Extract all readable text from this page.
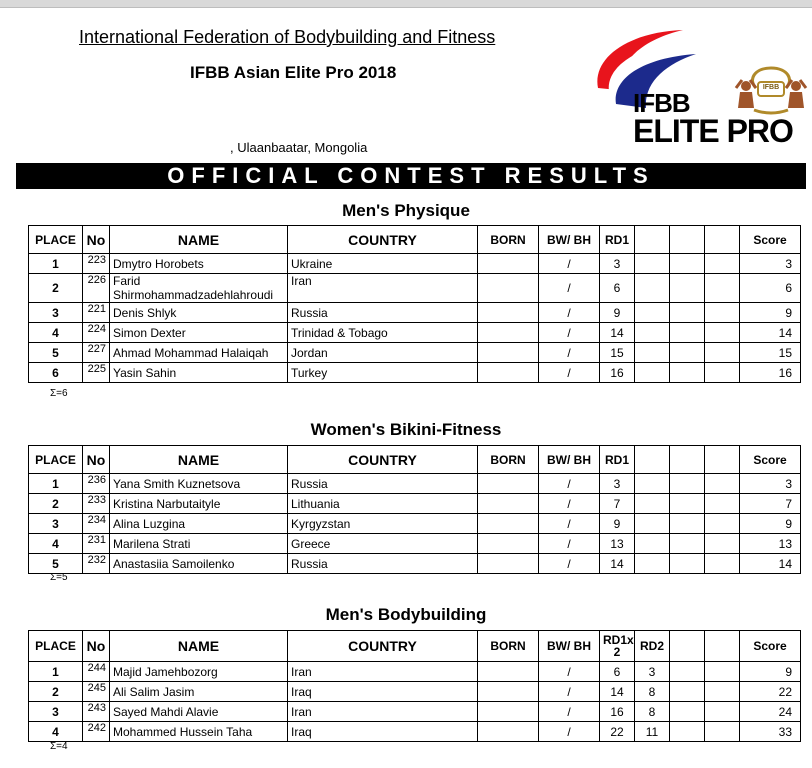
International Federation of Bodybuilding and Fitness
IFBB Asian Elite Pro 2018
, Ulaanbaatar, Mongolia
IFBB
IFBB
ELITE PRO
OFFICIAL CONTEST RESULTS
Men's Physique
PLACE	No	NAME	COUNTRY	BORN	BW/ BH	RD1				Score
1	223	Dmytro Horobets	Ukraine		/	3				3
2	226	Farid Shirmohammadzadehlahroudi	Iran		/	6				6
3	221	Denis Shlyk	Russia		/	9				9
4	224	Simon Dexter	Trinidad & Tobago		/	14				14
5	227	Ahmad Mohammad Halaiqah	Jordan		/	15				15
6	225	Yasin Sahin	Turkey		/	16				16
Σ=6
Women's Bikini-Fitness
PLACE	No	NAME	COUNTRY	BORN	BW/ BH	RD1				Score
1	236	Yana Smith Kuznetsova	Russia		/	3				3
2	233	Kristina Narbutaityle	Lithuania		/	7				7
3	234	Alina Luzgina	Kyrgyzstan		/	9				9
4	231	Marilena Strati	Greece		/	13				13
5	232	Anastasiia Samoilenko	Russia		/	14				14
Σ=5
Men's Bodybuilding
PLACE	No	NAME	COUNTRY	BORN	BW/ BH	RD1x 2	RD2			Score
1	244	Majid Jamehbozorg	Iran		/	6	3			9
2	245	Ali Salim Jasim	Iraq		/	14	8			22
3	243	Sayed Mahdi Alavie	Iran		/	16	8			24
4	242	Mohammed Hussein Taha	Iraq		/	22	11			33
Σ=4
